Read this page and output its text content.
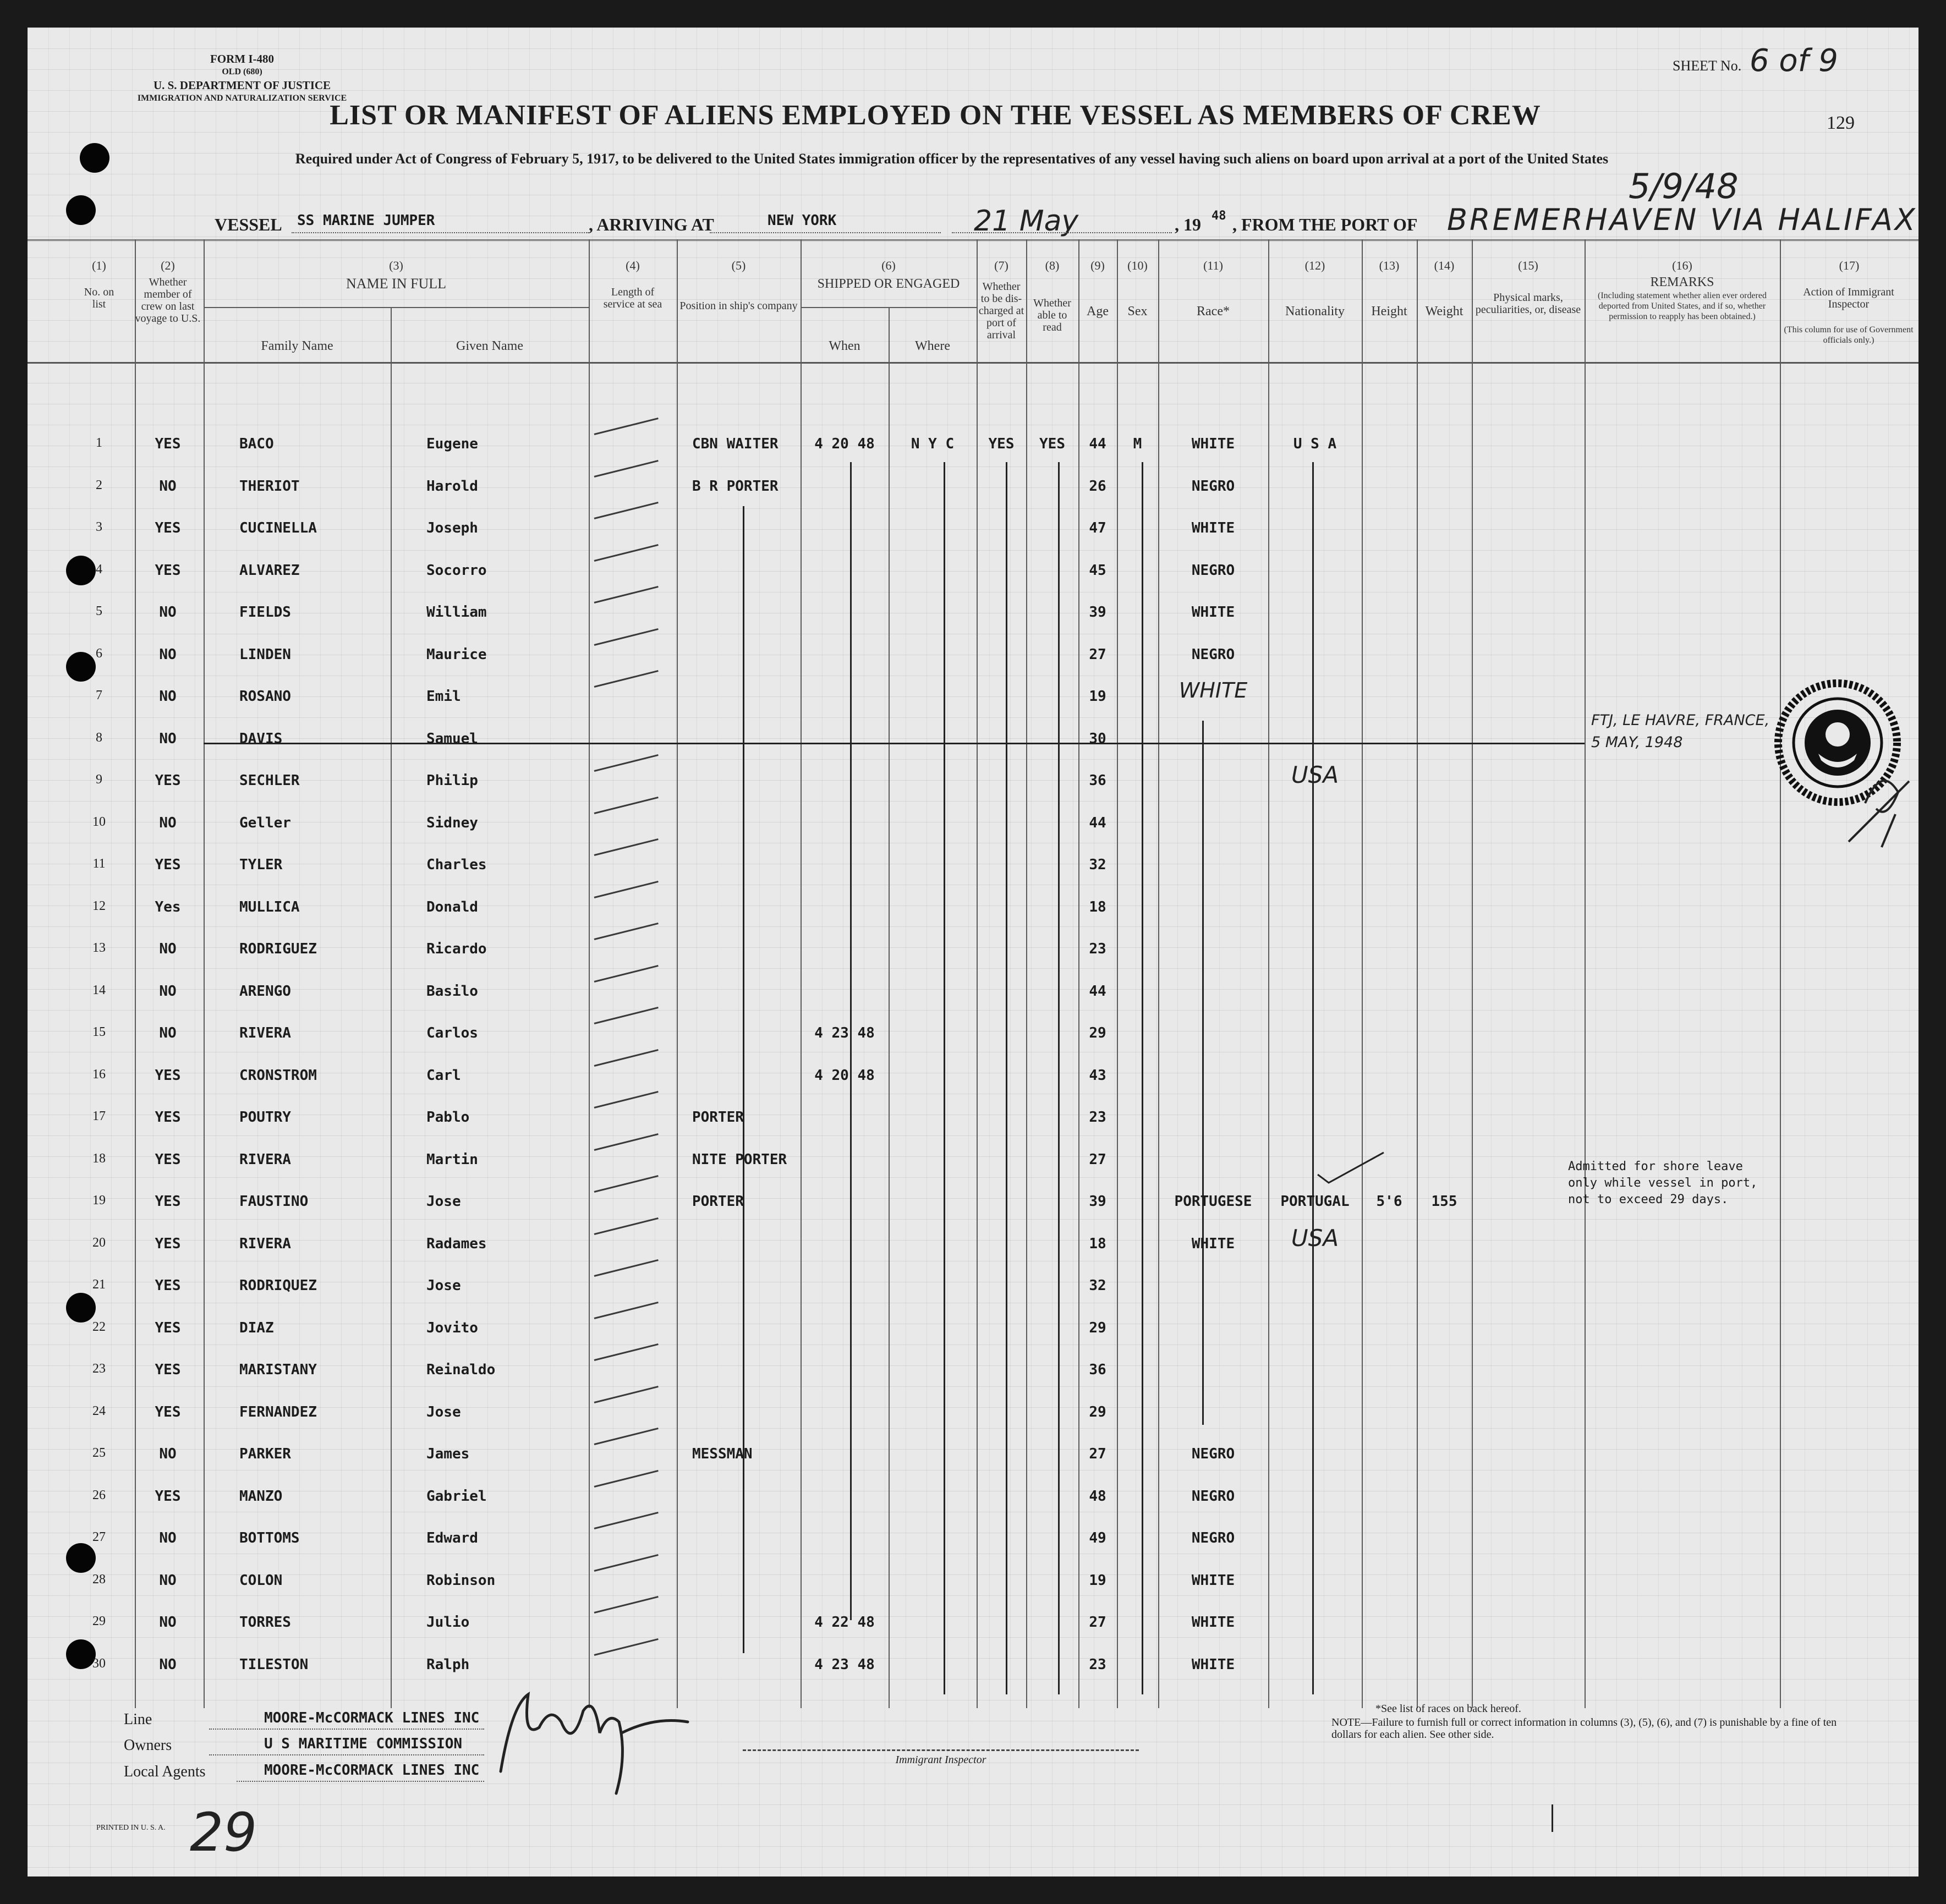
FORM I-480
OLD (680)
U. S. DEPARTMENT OF JUSTICE
IMMIGRATION AND NATURALIZATION SERVICE
SHEET No. 6 of 9
129
LIST OR MANIFEST OF ALIENS EMPLOYED ON THE VESSEL AS MEMBERS OF CREW
Required under Act of Congress of February 5, 1917, to be delivered to the United States immigration officer by the representatives of any vessel having such aliens on board upon arrival at a port of the United States
5/9/48
VESSEL SS MARINE JUMPER	, ARRIVING AT	NEW YORK	21 May	, 19 48 , FROM THE PORT OF BREMERHAVEN VIA HALIFAX
(1)
No. on list
(2)
Whether member of crew on last voyage to U.S.
(3)
NAME IN FULL
Family Name	Given Name
(4)
Length of service at sea
(5)
Position in ship's company
(6)
SHIPPED OR ENGAGED
When	Where
(7)
Whether to be dis-charged at port of arrival
(8)
Whether able to read
(9)
Age
(10)
Sex
(11)
Race*
(12)
Nationality
(13)
Height
(14)
Weight
(15)
Physical marks, peculiarities, or, disease
(16)
REMARKS
(Including statement whether alien ever ordered deported from United States, and if so, whether permission to reapply has been obtained.)
(17)
Action of Immigrant Inspector
(This column for use of Government officials only.)
1	YES	BACO	Eugene	CBN WAITER	4 20 48	N Y C	YES	YES	44	M	WHITE	U S A
2	NO	THERIOT	Harold	B R PORTER	26	NEGRO
3	YES	CUCINELLA	Joseph	47	WHITE
4	YES	ALVAREZ	Socorro	45	NEGRO
5	NO	FIELDS	William	39	WHITE
6	NO	LINDEN	Maurice	27	NEGRO
7	NO	ROSANO	Emil	19	WHITE
8	NO	DAVIS	Samuel	30
9	YES	SECHLER	Philip	36	USA
10	NO	Geller	Sidney	44
11	YES	TYLER	Charles	32
12	Yes	MULLICA	Donald	18
13	NO	RODRIGUEZ	Ricardo	23
14	NO	ARENGO	Basilo	44
15	NO	RIVERA	Carlos	4 23 48	29
16	YES	CRONSTROM	Carl	4 20 48	43
17	YES	POUTRY	Pablo	PORTER	23
18	YES	RIVERA	Martin	NITE PORTER	27
19	YES	FAUSTINO	Jose	PORTER	39	PORTUGESE	PORTUGAL	5'6	155
Admitted for shore leave only while vessel in port, not to exceed 29 days.
20	YES	RIVERA	Radames	18	WHITE	USA
21	YES	RODRIQUEZ	Jose	32
22	YES	DIAZ	Jovito	29
23	YES	MARISTANY	Reinaldo	36
24	YES	FERNANDEZ	Jose	29
25	NO	PARKER	James	MESSMAN	27	NEGRO
26	YES	MANZO	Gabriel	48	NEGRO
27	NO	BOTTOMS	Edward	49	NEGRO
28	NO	COLON	Robinson	19	WHITE
29	NO	TORRES	Julio	4 22 48	27	WHITE
30	NO	TILESTON	Ralph	4 23 48	23	WHITE
FTJ, LE HAVRE, FRANCE, 5 MAY, 1948
Line	MOORE-McCORMACK LINES INC
Owners	U S MARITIME COMMISSION
Local Agents	MOORE-McCORMACK LINES INC
Immigrant Inspector
*See list of races on back hereof.
NOTE—Failure to furnish full or correct information in columns (3), (5), (6), and (7) is punishable by a fine of ten dollars for each alien. See other side.
PRINTED IN U. S. A. 29
